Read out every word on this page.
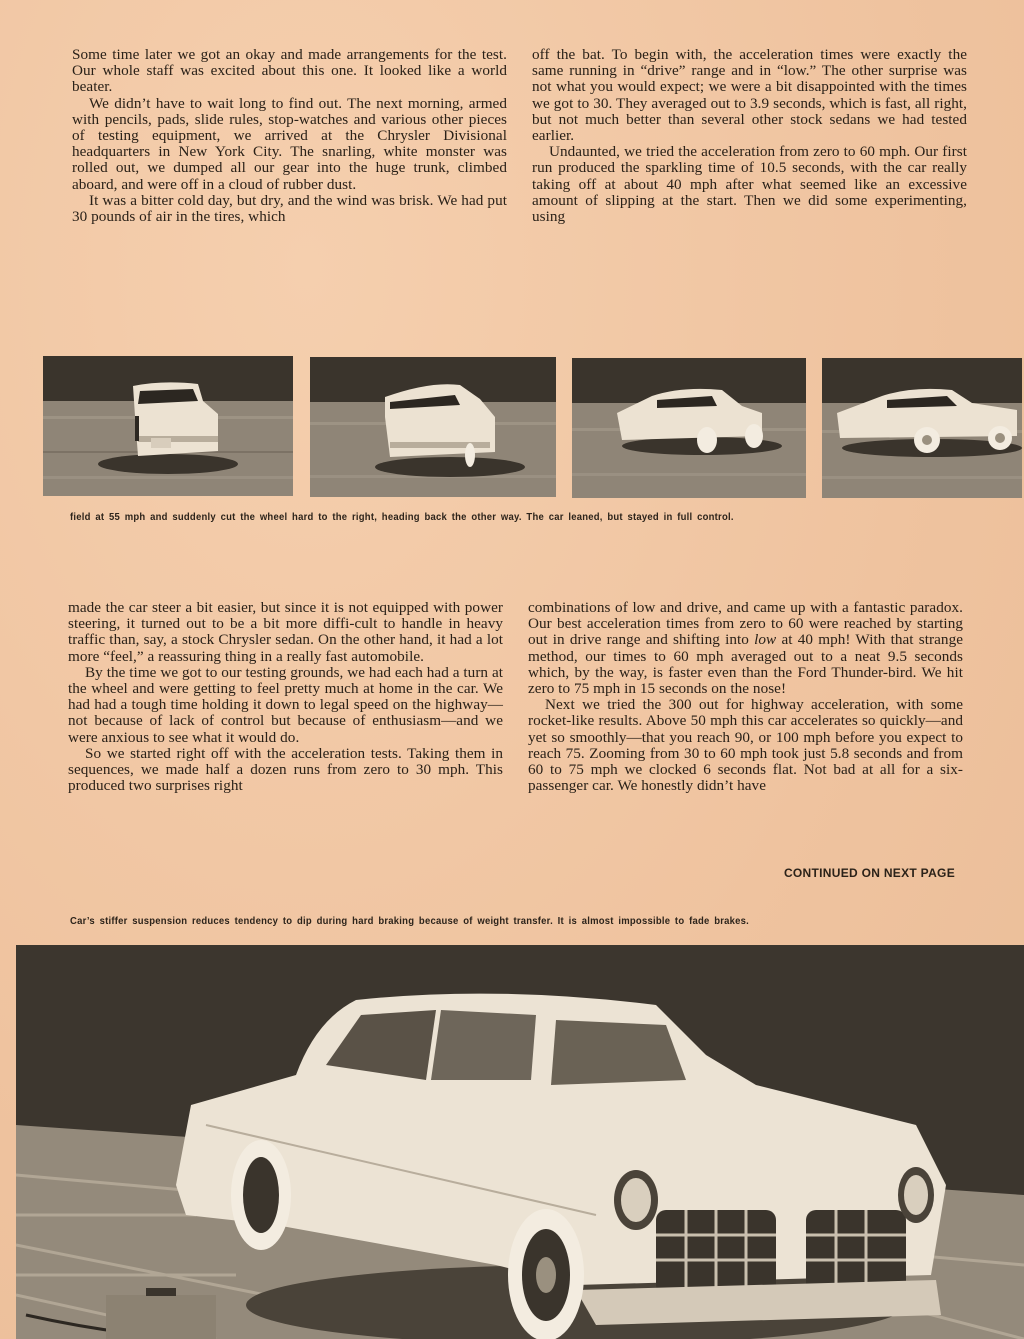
Some time later we got an okay and made arrangements for the test. Our whole staff was excited about this one. It looked like a world beater.

We didn’t have to wait long to find out. The next morning, armed with pencils, pads, slide rules, stop-watches and various other pieces of testing equipment, we arrived at the Chrysler Divisional headquarters in New York City. The snarling, white monster was rolled out, we dumped all our gear into the huge trunk, climbed aboard, and were off in a cloud of rubber dust.

It was a bitter cold day, but dry, and the wind was brisk. We had put 30 pounds of air in the tires, which

off the bat. To begin with, the acceleration times were exactly the same running in “drive” range and in “low.” The other surprise was not what you would expect; we were a bit disappointed with the times we got to 30. They averaged out to 3.9 seconds, which is fast, all right, but not much better than several other stock sedans we had tested earlier.

Undaunted, we tried the acceleration from zero to 60 mph. Our first run produced the sparkling time of 10.5 seconds, with the car really taking off at about 40 mph after what seemed like an excessive amount of slipping at the start. Then we did some experimenting, using

field at 55 mph and suddenly cut the wheel hard to the right, heading back the other way. The car leaned, but stayed in full control.

made the car steer a bit easier, but since it is not equipped with power steering, it turned out to be a bit more diffi-cult to handle in heavy traffic than, say, a stock Chrysler sedan. On the other hand, it had a lot more “feel,” a reassuring thing in a really fast automobile.

By the time we got to our testing grounds, we had each had a turn at the wheel and were getting to feel pretty much at home in the car. We had had a tough time holding it down to legal speed on the highway—not because of lack of control but because of enthusiasm—and we were anxious to see what it would do.

So we started right off with the acceleration tests. Taking them in sequences, we made half a dozen runs from zero to 30 mph. This produced two surprises right

combinations of low and drive, and came up with a fantastic paradox. Our best acceleration times from zero to 60 were reached by starting out in drive range and shifting into low at 40 mph! With that strange method, our times to 60 mph averaged out to a neat 9.5 seconds which, by the way, is faster even than the Ford Thunder-bird. We hit zero to 75 mph in 15 seconds on the nose!

Next we tried the 300 out for highway acceleration, with some rocket-like results. Above 50 mph this car accelerates so quickly—and yet so smoothly—that you reach 90, or 100 mph before you expect to reach 75. Zooming from 30 to 60 mph took just 5.8 seconds and from 60 to 75 mph we clocked 6 seconds flat. Not bad at all for a six-passenger car. We honestly didn’t have

CONTINUED ON NEXT PAGE
Car’s stiffer suspension reduces tendency to dip during hard braking because of weight transfer. It is almost impossible to fade brakes.
